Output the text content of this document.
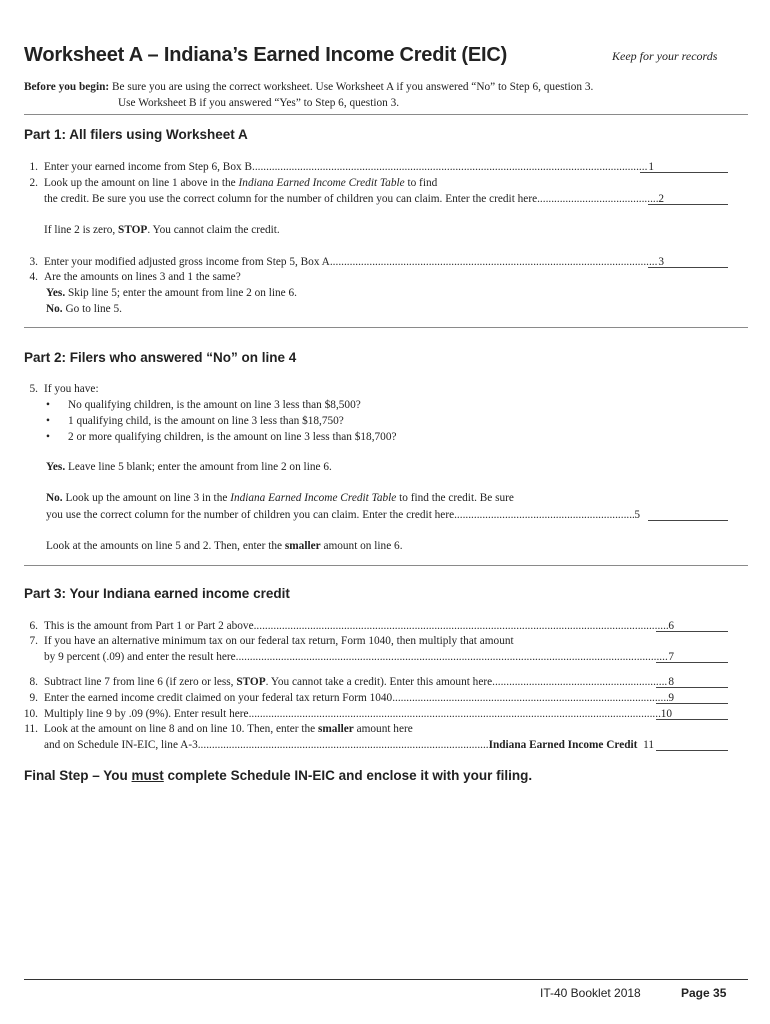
Worksheet A – Indiana’s Earned Income Credit (EIC)	Keep for your records
Before you begin: Be sure you are using the correct worksheet. Use Worksheet A if you answered “No” to Step 6, question 3.
Use Worksheet B if you answered “Yes” to Step 6, question 3.
Part 1: All filers using Worksheet A
1. Enter your earned income from Step 6, Box B .....	1
2. Look up the amount on line 1 above in the Indiana Earned Income Credit Table to find
the credit. Be sure you use the correct column for the number of children you can claim. Enter the credit here .....	2
If line 2 is zero, STOP. You cannot claim the credit.
3. Enter your modified adjusted gross income from Step 5, Box A .....	3
4. Are the amounts on lines 3 and 1 the same?
Yes. Skip line 5; enter the amount from line 2 on line 6.
No. Go to line 5.
Part 2: Filers who answered “No” on line 4
5. If you have:
• No qualifying children, is the amount on line 3 less than $8,500?
• 1 qualifying child, is the amount on line 3 less than $18,750?
• 2 or more qualifying children, is the amount on line 3 less than $18,700?
Yes. Leave line 5 blank; enter the amount from line 2 on line 6.
No. Look up the amount on line 3 in the Indiana Earned Income Credit Table to find the credit. Be sure
you use the correct column for the number of children you can claim. Enter the credit here .....	5
Look at the amounts on line 5 and 2. Then, enter the smaller amount on line 6.
Part 3: Your Indiana earned income credit
6. This is the amount from Part 1 or Part 2 above .....	6
7. If you have an alternative minimum tax on our federal tax return, Form 1040, then multiply that amount
by 9 percent (.09) and enter the result here .....	7
8. Subtract line 7 from line 6 (if zero or less, STOP. You cannot take a credit). Enter this amount here .....	8
9. Enter the earned income credit claimed on your federal tax return Form 1040 .....	9
10. Multiply line 9 by .09 (9%). Enter result here .....	10
11. Look at the amount on line 8 and on line 10. Then, enter the smaller amount here
and on Schedule IN-EIC, line A-3 .....	Indiana Earned Income Credit
11
Final Step – You must complete Schedule IN-EIC and enclose it with your filing.
IT-40 Booklet 2018	Page 35
